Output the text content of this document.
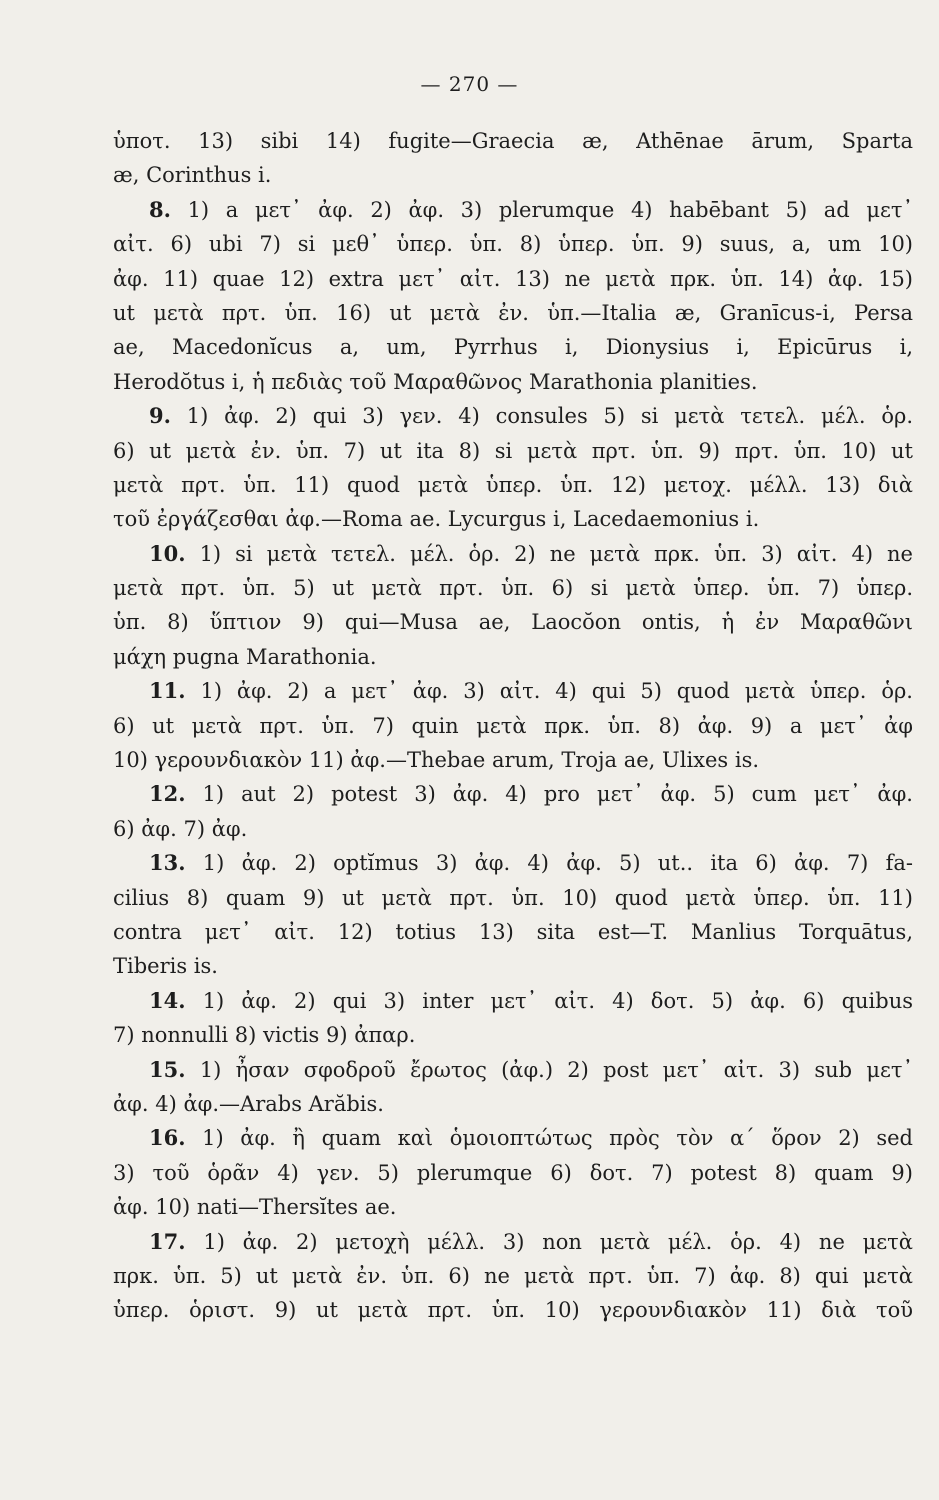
— 270 —
ὑποτ. 13) sibi 14) fugite—Graecia æ, Athēnae ārum, Sparta
æ, Corinthus i.
8. 1) a μετ᾽ ἀφ. 2) ἀφ. 3) plerumque 4) habēbant 5) ad μετ᾽
αἰτ. 6) ubi 7) si μεθ᾽ ὑπερ. ὑπ. 8) ὑπερ. ὑπ. 9) suus, a, um 10)
ἀφ. 11) quae 12) extra μετ᾽ αἰτ. 13) ne μετὰ πρκ. ὑπ. 14) ἀφ. 15)
ut μετὰ πρτ. ὑπ. 16) ut μετὰ ἐν. ὑπ.—Italia æ, Granīcus-i, Persa
ae, Macedonĭcus a, um, Pyrrhus i, Dionysius i, Epicūrus i,
Herodŏtus i, ἡ πεδιὰς τοῦ Μαραθῶνος Marathonia planities.
9. 1) ἀφ. 2) qui 3) γεν. 4) consules 5) si μετὰ τετελ. μέλ. ὁρ.
6) ut μετὰ ἐν. ὑπ. 7) ut ita 8) si μετὰ πρτ. ὑπ. 9) πρτ. ὑπ. 10) ut
μετὰ πρτ. ὑπ. 11) quod μετὰ ὑπερ. ὑπ. 12) μετοχ. μέλλ. 13) διὰ
τοῦ ἐργάζεσθαι ἀφ.—Roma ae. Lycurgus i, Lacedaemonius i.
10. 1) si μετὰ τετελ. μέλ. ὁρ. 2) ne μετὰ πρκ. ὑπ. 3) αἰτ. 4) ne
μετὰ πρτ. ὑπ. 5) ut μετὰ πρτ. ὑπ. 6) si μετὰ ὑπερ. ὑπ. 7) ὑπερ.
ὑπ. 8) ὕπτιον 9) qui—Musa ae, Laocŏon ontis, ἡ ἐν Μαραθῶνι
μάχη pugna Marathonia.
11. 1) ἀφ. 2) a μετ᾽ ἀφ. 3) αἰτ. 4) qui 5) quod μετὰ ὑπερ. ὁρ.
6) ut μετὰ πρτ. ὑπ. 7) quin μετὰ πρκ. ὑπ. 8) ἀφ. 9) a μετ᾽ ἀφ
10) γερουνδιακὸν 11) ἀφ.—Thebae arum, Troja ae, Ulixes is.
12. 1) aut 2) potest 3) ἀφ. 4) pro μετ᾽ ἀφ. 5) cum μετ᾽ ἀφ.
6) ἀφ. 7) ἀφ.
13. 1) ἀφ. 2) optĭmus 3) ἀφ. 4) ἀφ. 5) ut.. ita 6) ἀφ. 7) fa-
cilius 8) quam 9) ut μετὰ πρτ. ὑπ. 10) quod μετὰ ὑπερ. ὑπ. 11)
contra μετ᾽ αἰτ. 12) totius 13) sita est—T. Manlius Torquātus,
Tiberis is.
14. 1) ἀφ. 2) qui 3) inter μετ᾽ αἰτ. 4) δοτ. 5) ἀφ. 6) quibus
7) nonnulli 8) victis 9) ἀπαρ.
15. 1) ἦσαν σφοδροῦ ἔρωτος (ἀφ.) 2) post μετ᾽ αἰτ. 3) sub μετ᾽
ἀφ. 4) ἀφ.—Arabs Arăbis.
16. 1) ἀφ. ἢ quam καὶ ὁμοιοπτώτως πρὸς τὸν α΄ ὅρον 2) sed
3) τοῦ ὁρᾶν 4) γεν. 5) plerumque 6) δοτ. 7) potest 8) quam 9)
ἀφ. 10) nati—Thersĭtes ae.
17. 1) ἀφ. 2) μετοχὴ μέλλ. 3) non μετὰ μέλ. ὁρ. 4) ne μετὰ
πρκ. ὑπ. 5) ut μετὰ ἐν. ὑπ. 6) ne μετὰ πρτ. ὑπ. 7) ἀφ. 8) qui μετὰ
ὑπερ. ὁριστ. 9) ut μετὰ πρτ. ὑπ. 10) γερουνδιακὸν 11) διὰ τοῦ
